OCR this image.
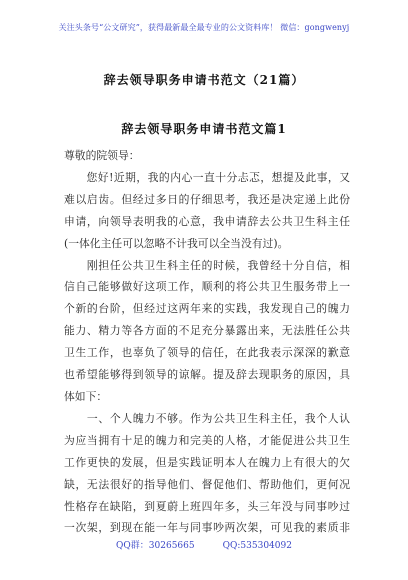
关注头条号“公文研究”，获得最新最全最专业的公文资料库！ 微信：gongwenyj
辞去领导职务申请书范文（21篇）
辞去领导职务申请书范文篇1
尊敬的院领导：
　　您好!近期，我的内心一直十分忐忑，想提及此事，又
难以启齿。但经过多日的仔细思考，我还是决定递上此份
申请，向领导表明我的心意，我申请辞去公共卫生科主任
(一体化主任可以忽略不计我可以全当没有过)。
　　刚担任公共卫生科主任的时候，我曾经十分自信，相
信自己能够做好这项工作，顺利的将公共卫生服务带上一
个新的台阶，但经过这两年来的实践，我发现自己的魄力
能力、精力等各方面的不足充分暴露出来，无法胜任公共
卫生工作，也辜负了领导的信任，在此我表示深深的歉意
也希望能够得到领导的谅解。提及辞去现职务的原因，具
体如下：
　　一、个人魄力不够。作为公共卫生科主任，我个人认
为应当拥有十足的魄力和完美的人格，才能促进公共卫生
工作更快的发展，但是实践证明本人在魄力上有很大的欠
缺，无法很好的指导他们、督促他们、帮助他们，更何况
性格存在缺陷，到夏蔚上班四年多，头三年没与同事吵过
一次架，到现在能一年与同事吵两次架，可见我的素质非
QQ群：30265665	QQ:535304092
